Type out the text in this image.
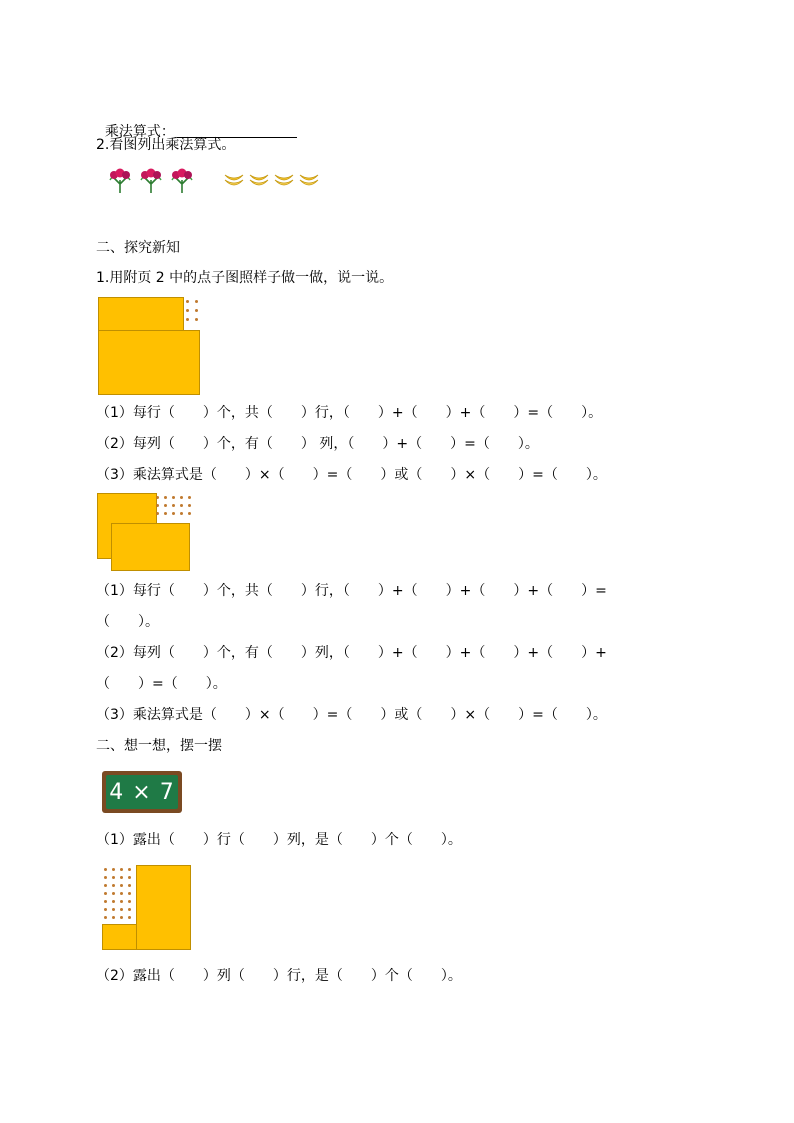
乘法算式：

2.看图列出乘法算式。
二、探究新知
1.用附页 2 中的点子图照样子做一做，说一说。
（1）每行（　　）个，共（　　）行，（　　）+（　　）+（　　）=（　　）。
（2）每列（　　）个，有（　　） 列，（　　）+（　　）=（　　）。
（3）乘法算式是（　　）×（　　）=（　　）或（　　）×（　　）=（　　）。
（1）每行（　　）个，共（　　）行，（　　）+（　　）+（　　）+（　　）=
（　　）。
（2）每列（　　）个，有（　　）列，（　　）+（　　）+（　　）+（　　）+
（　　）=（　　）。
（3）乘法算式是（　　）×（　　）=（　　）或（　　）×（　　）=（　　）。
二、想一想，摆一摆
4 × 7
（1）露出（　　）行（　　）列，是（　　）个（　　）。
（2）露出（　　）列（　　）行，是（　　）个（　　）。
